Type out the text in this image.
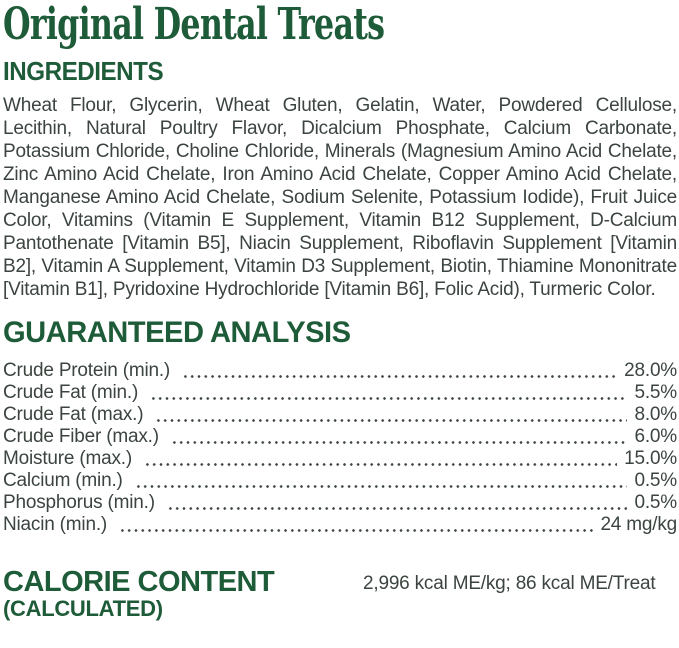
Original Dental Treats
INGREDIENTS

Wheat Flour, Glycerin, Wheat Gluten, Gelatin, Water, Powdered Cellulose, Lecithin, Natural Poultry Flavor, Dicalcium Phosphate, Calcium Carbonate, Potassium Chloride, Choline Chloride, Minerals (Magnesium Amino Acid Chelate, Zinc Amino Acid Chelate, Iron Amino Acid Chelate, Copper Amino Acid Chelate, Manganese Amino Acid Chelate, Sodium Selenite, Potassium Iodide), Fruit Juice Color, Vitamins (Vitamin E Supplement, Vitamin B12 Supplement, D-Calcium Pantothenate [Vitamin B5], Niacin Supplement, Riboflavin Supplement [Vitamin B2], Vitamin A Supplement, Vitamin D3 Supplement, Biotin, Thiamine Mononitrate [Vitamin B1], Pyridoxine Hydrochloride [Vitamin B6], Folic Acid), Turmeric Color.

GUARANTEED ANALYSIS
Crude Protein (min.)	28.0%
Crude Fat (min.)	5.5%
Crude Fat (max.)	8.0%
Crude Fiber (max.)	6.0%
Moisture (max.)	15.0%
Calcium (min.)	0.5%
Phosphorus (min.)	0.5%
Niacin (min.)	24 mg/kg
CALORIE CONTENT
(CALCULATED)
2,996 kcal ME/kg; 86 kcal ME/Treat
